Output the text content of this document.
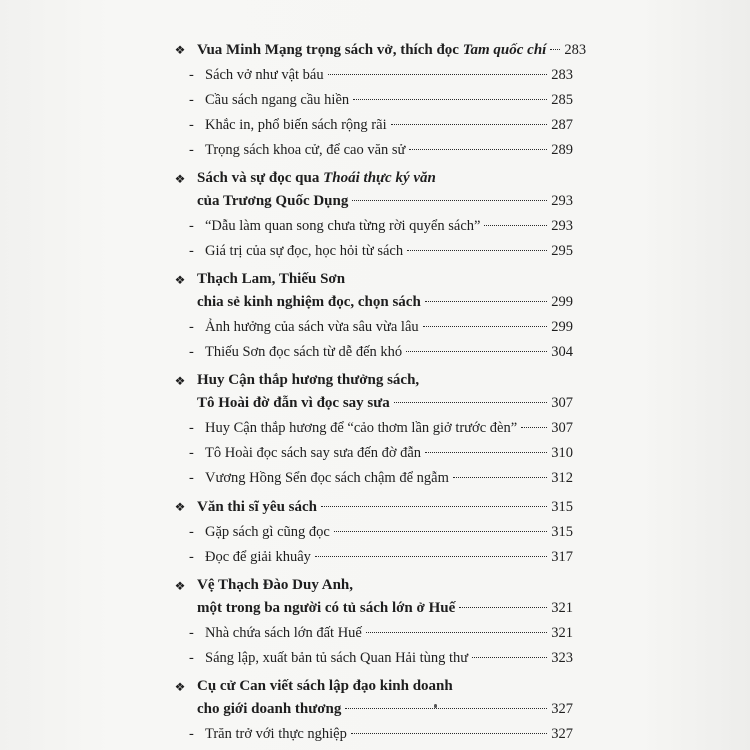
❖ Vua Minh Mạng trọng sách vở, thích đọc Tam quốc chí 283
- Sách vở như vật báu	283
- Cầu sách ngang cầu hiền	285
- Khắc in, phổ biến sách rộng rãi	287
- Trọng sách khoa cử, để cao văn sử	289
❖ Sách và sự đọc qua Thoái thực ký văn
của Trương Quốc Dụng	293
- “Dẫu làm quan song chưa từng rời quyển sách”	293
- Giá trị của sự đọc, học hỏi từ sách	295
❖ Thạch Lam, Thiếu Sơn
chia sẻ kinh nghiệm đọc, chọn sách	299
- Ảnh hưởng của sách vừa sâu vừa lâu	299
- Thiếu Sơn đọc sách từ dễ đến khó	304
❖ Huy Cận thắp hương thưởng sách,
Tô Hoài đờ đẫn vì đọc say sưa	307
- Huy Cận thắp hương để “cảo thơm lần giở trước đèn” 307
- Tô Hoài đọc sách say sưa đến đờ đẫn	310
- Vương Hồng Sển đọc sách chậm để ngẫm	312
❖ Văn thi sĩ yêu sách	315
- Gặp sách gì cũng đọc	315
- Đọc để giải khuây	317
❖ Vệ Thạch Đào Duy Anh,
một trong ba người có tủ sách lớn ở Huế	321
- Nhà chứa sách lớn đất Huế	321
- Sáng lập, xuất bản tủ sách Quan Hải tùng thư	323
❖ Cụ cử Can viết sách lập đạo kinh doanh
cho giới doanh thương	327
- Trăn trở với thực nghiệp	327
